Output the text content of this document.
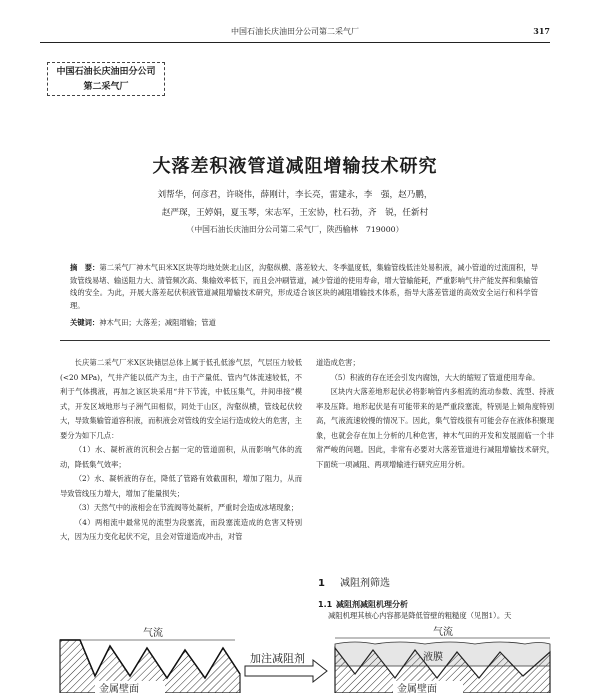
中国石油长庆油田分公司第二采气厂	317
中国石油长庆油田分公司
第二采气厂
大落差积液管道减阻增输技术研究
刘帮华，何彦君，许晓伟，薛刚计，李长亮，雷建永，李　强，赵乃鹏，
赵严琛，王婷娟，夏玉琴，宋志军，王宏协，杜石勃，齐　锐，任新村
（中国石油长庆油田分公司第二采气厂，陕西榆林　719000）
摘　要：第二采气厂神木气田米X区块等均地处陕北山区，沟壑纵横、落差较大、冬季温度低，集输管线低洼处易积液，减小管道的过流面积，导致管线易堵、输送阻力大、清管频次高、集输效率低下，而且会冲刷管道，减少管道的使用寿命，增大管输能耗，严重影响气井产能发挥和集输管线的安全。为此，开展大落差起伏积液管道减阻增输技术研究，形成适合该区块的减阻增输技术体系，指导大落差管道的高效安全运行和科学管理。
关键词：神木气田；大落差；减阻增输；管道

长庆第二采气厂米X区块储层总体上属于低孔低渗气层，气层压力较低(<20 MPa)，气井产能以低产为主，由于产量低、管内气体流速较低，不利于气体携液，再加之该区块采用“井下节流，中低压集气，井间串接”模式，开发区域地形与子洲气田相似，同处于山区，沟壑纵横，管线起伏较大，导致集输管道容积液，而积液会对管线的安全运行造成较大的危害，主要分为如下几点：

（1）水、凝析液的沉积会占据一定的管道面积，从而影响气体的流动，降低集气效率；

（2）水、凝析液的存在，降低了管路有效截面积，增加了阻力，从而导致管线压力增大，增加了能量损失；

（3）天然气中的液相会在节流阀等处凝析，严重时会造成冰堵现象；

（4）两相流中最常见的流型为段塞流，而段塞流造成的危害又特别大，因为压力变化起伏不定，且会对管道造成冲击，对管

道造成危害；

（5）积液的存在还会引发内腐蚀，大大的缩短了管道使用寿命。

区块内大落差地形起伏必将影响管内多相流的流动参数、流型、持液率及压降。地形起伏是有可能带来的是严重段塞流，特别是上倾角度特别高，气液流速较慢的情况下。因此，集气管线很有可能会存在液体积聚现象，也就会存在加上分析的几种危害，神木气田的开发和发展面临一个非常严峻的问题。因此，非常有必要对大落差管道进行减阻增输技术研究，下面统一项减阻、两项增输进行研究应用分析。

1 减阻剂筛选
1.1 减阻剂减阻机理分析
减阻机理其核心内容都是降低管壁的粗糙度（见图1）。天
气流
金属壁面
加注减阻剂
气流
液膜
金属壁面
